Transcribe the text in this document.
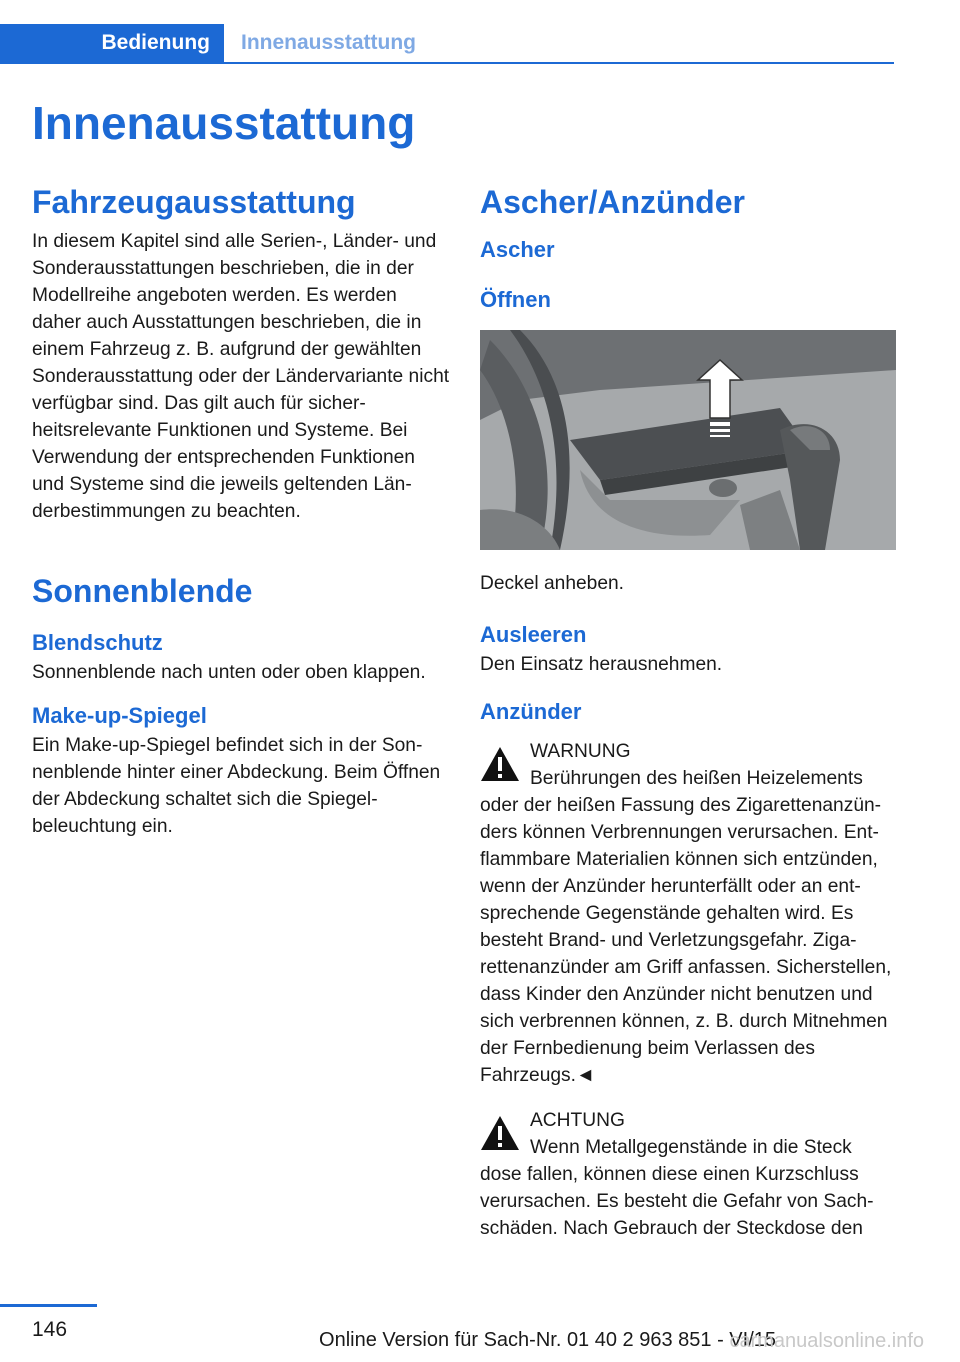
Bedienung	Innenausstattung
Innenausstattung
Fahrzeugausstattung

In diesem Kapitel sind alle Serien-, Länder- und Sonderausstattungen beschrieben, die in der Modellreihe angeboten werden. Es werden daher auch Ausstattungen beschrieben, die in einem Fahrzeug z. B. aufgrund der gewählten Sonderausstattung oder der Ländervariante nicht verfügbar sind. Das gilt auch für sicherheitsrelevante Funktionen und Systeme. Bei Verwendung der entsprechenden Funktionen und Systeme sind die jeweils geltenden Länderbestimmungen zu beachten.

Sonnenblende
Blendschutz

Sonnenblende nach unten oder oben klappen.

Make-up-Spiegel

Ein Make-up-Spiegel befindet sich in der Sonnenblende hinter einer Abdeckung. Beim Öffnen der Abdeckung schaltet sich die Spiegelbeleuchtung ein.

Ascher/Anzünder
Ascher
Öffnen

Deckel anheben.

Ausleeren

Den Einsatz herausnehmen.

Anzünder
WARNUNG
Berührungen des heißen Heizelements

oder der heißen Fassung des Zigarettenanzünders können Verbrennungen verursachen. Entflammbare Materialien können sich entzünden, wenn der Anzünder herunterfällt oder an entsprechende Gegenstände gehalten wird. Es besteht Brand- und Verletzungsgefahr. Zigarettenanzünder am Griff anfassen. Sicherstellen, dass Kinder den Anzünder nicht benutzen und sich verbrennen können, z. B. durch Mitnehmen der Fernbedienung beim Verlassen des Fahrzeugs.◄

ACHTUNG
Wenn Metallgegenstände in die Steck

dose fallen, können diese einen Kurzschluss verursachen. Es besteht die Gefahr von Sachschäden. Nach Gebrauch der Steckdose den

146	Online Version für Sach-Nr. 01 40 2 963 851 - VI/15
carmanualsonline.info
